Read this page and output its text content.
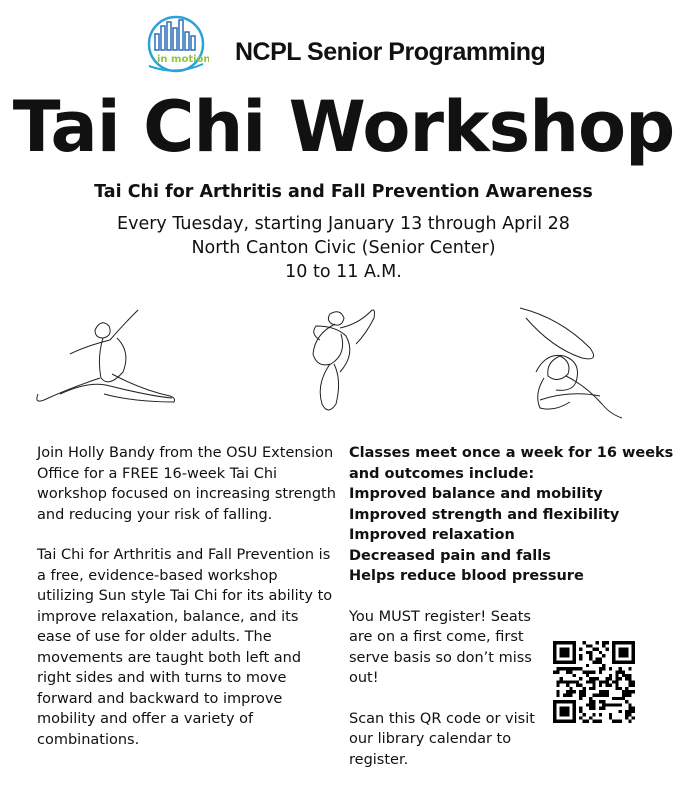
in motion NCPL Senior Programming
Tai Chi Workshop
Tai Chi for Arthritis and Fall Prevention Awareness
Every Tuesday, starting January 13 through April 28
North Canton Civic (Senior Center)
10 to 11 A.M.

Join Holly Bandy from the OSU Extension Office for a FREE 16-week Tai Chi workshop focused on increasing strength and reducing your risk of falling.

Tai Chi for Arthritis and Fall Prevention is a free, evidence-based workshop utilizing Sun style Tai Chi for its ability to improve relaxation, balance, and its ease of use for older adults. The movements are taught both left and right sides and with turns to move forward and backward to improve mobility and offer a variety of combinations.

Classes meet once a week for 16 weeks
and outcomes include:
Improved balance and mobility
Improved strength and flexibility
Improved relaxation
Decreased pain and falls
Helps reduce blood pressure

You MUST register! Seats are on a first come, first serve basis so don’t miss out!

Scan this QR code or visit our library calendar to register.
